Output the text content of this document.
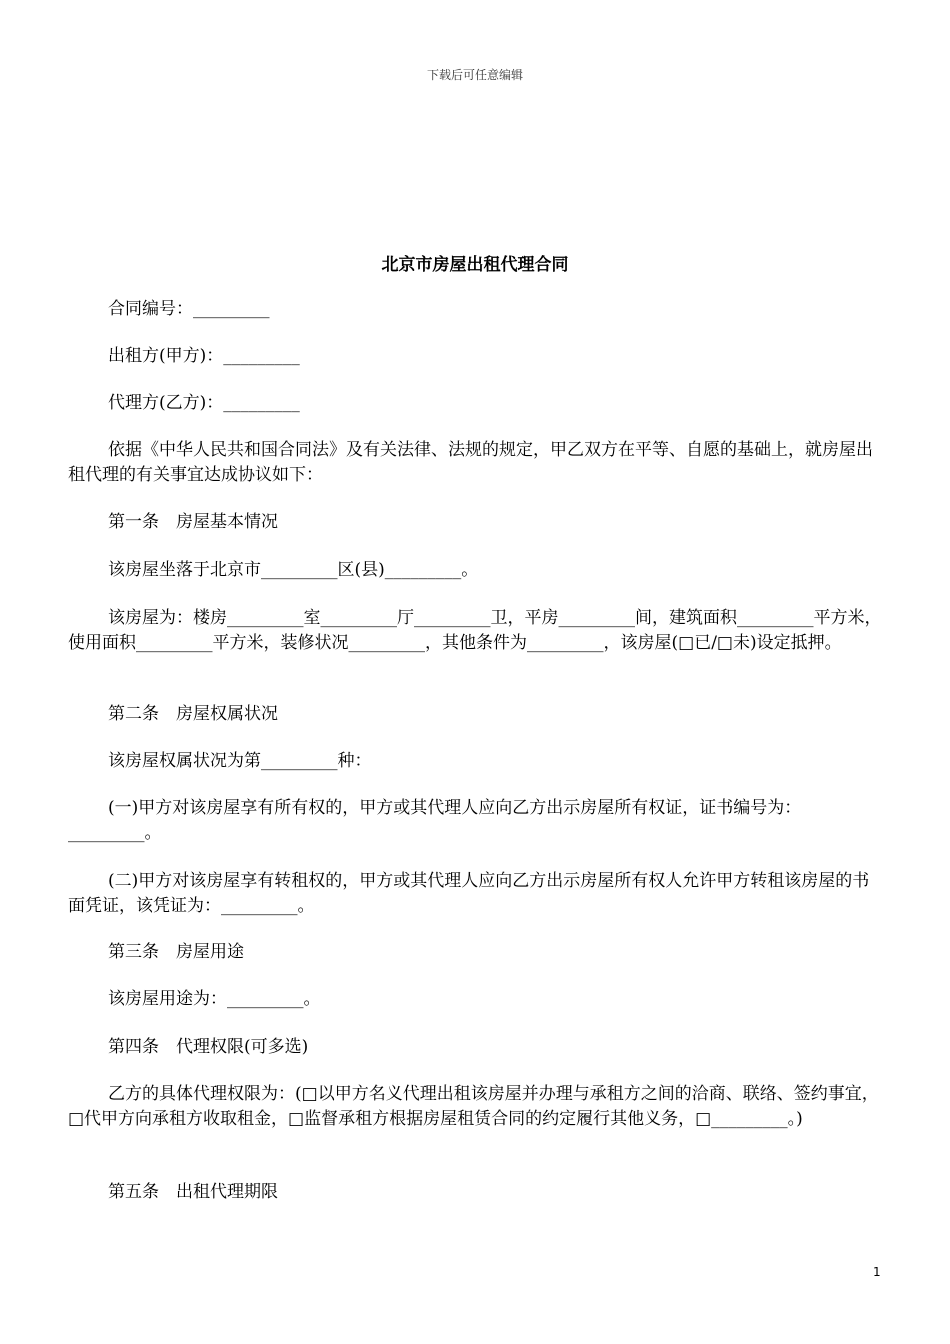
下载后可任意编辑
北京市房屋出租代理合同
合同编号：_________
出租方(甲方)：_________
代理方(乙方)：_________
依据《中华人民共和国合同法》及有关法律、法规的规定，甲乙双方在平等、自愿的基础上，就房屋出租代理的有关事宜达成协议如下：
第一条　房屋基本情况
该房屋坐落于北京市_________区(县)_________。
该房屋为：楼房_________室_________厅_________卫，平房_________间，建筑面积_________平方米，使用面积_________平方米，装修状况_________，其他条件为_________，该房屋(□已/□未)设定抵押。
第二条　房屋权属状况
该房屋权属状况为第_________种：
(一)甲方对该房屋享有所有权的，甲方或其代理人应向乙方出示房屋所有权证，证书编号为：_________。
(二)甲方对该房屋享有转租权的，甲方或其代理人应向乙方出示房屋所有权人允许甲方转租该房屋的书面凭证，该凭证为：_________。
第三条　房屋用途
该房屋用途为：_________。
第四条　代理权限(可多选)
乙方的具体代理权限为：(□以甲方名义代理出租该房屋并办理与承租方之间的洽商、联络、签约事宜，□代甲方向承租方收取租金，□监督承租方根据房屋租赁合同的约定履行其他义务，□_________。)
第五条　出租代理期限
1
